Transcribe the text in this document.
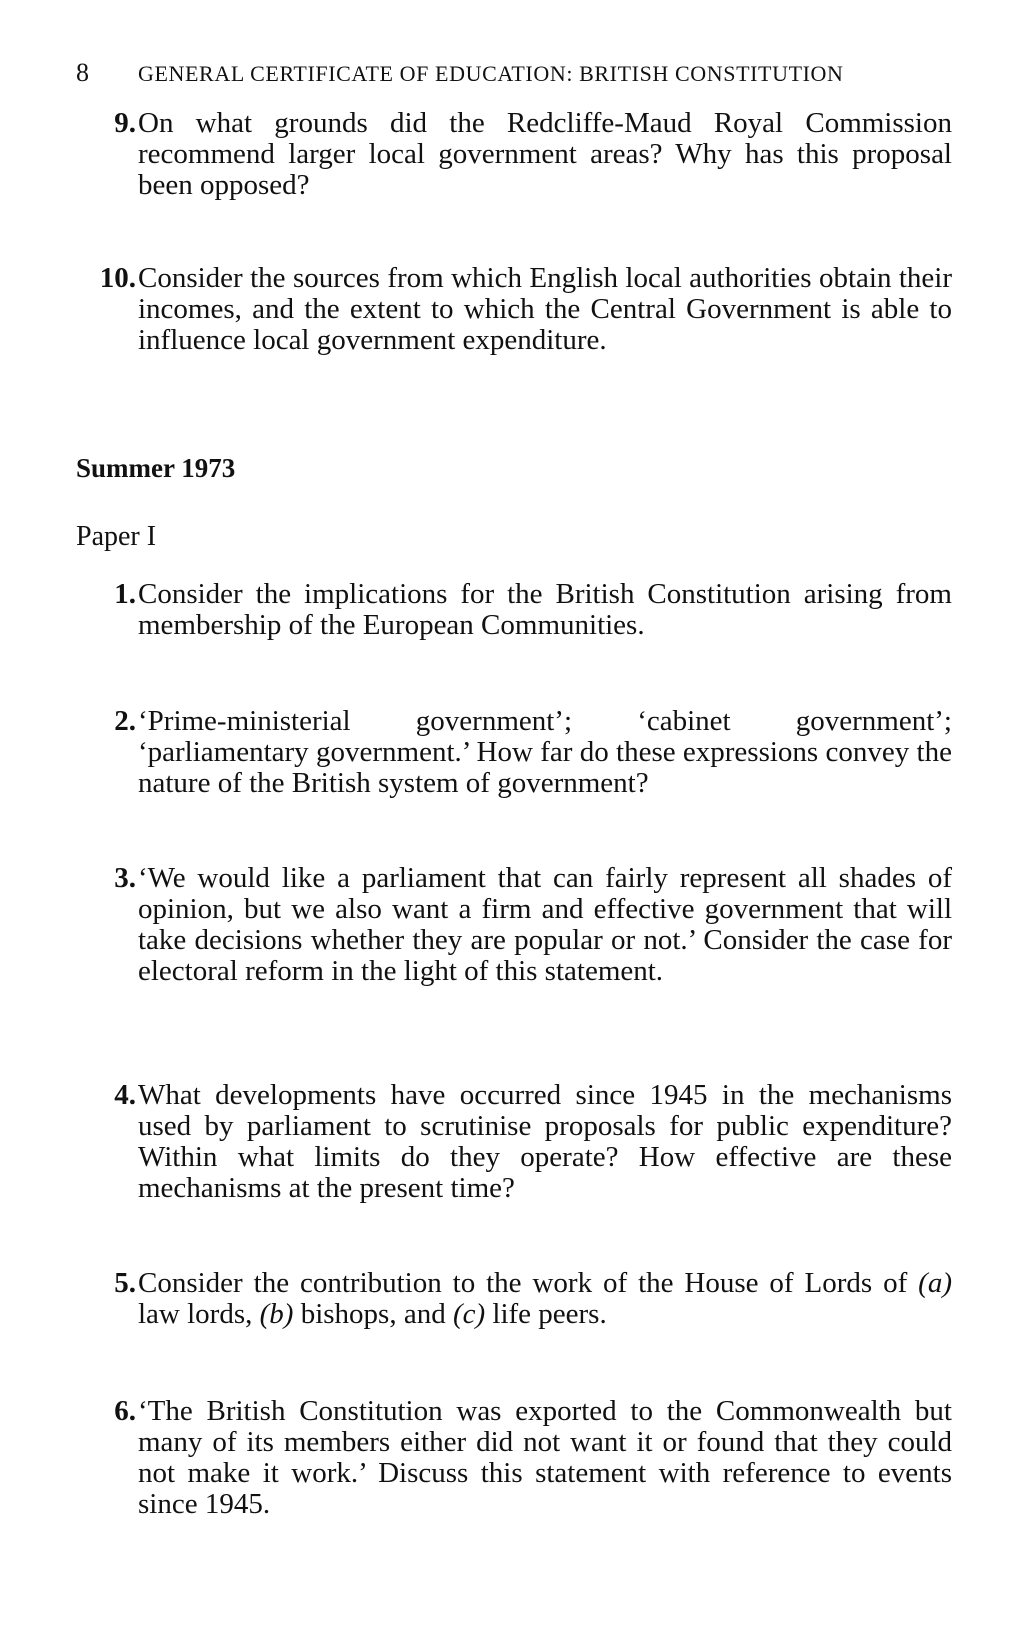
8 GENERAL CERTIFICATE OF EDUCATION: BRITISH CONSTITUTION
9. On what grounds did the Redcliffe-Maud Royal Commission recommend larger local government areas? Why has this proposal been opposed?
10. Consider the sources from which English local authorities obtain their incomes, and the extent to which the Central Government is able to influence local government expenditure.
Summer 1973
Paper I
1. Consider the implications for the British Constitution arising from membership of the European Communities.
2. ‘Prime-ministerial government’; ‘cabinet government’; ‘parliamentary government.’ How far do these expressions convey the nature of the British system of government?
3. ‘We would like a parliament that can fairly represent all shades of opinion, but we also want a firm and effective government that will take decisions whether they are popular or not.’ Consider the case for electoral reform in the light of this statement.
4. What developments have occurred since 1945 in the mechanisms used by parliament to scrutinise proposals for public expenditure? Within what limits do they operate? How effective are these mechanisms at the present time?
5. Consider the contribution to the work of the House of Lords of (a) law lords, (b) bishops, and (c) life peers.
6. ‘The British Constitution was exported to the Commonwealth but many of its members either did not want it or found that they could not make it work.’ Discuss this statement with reference to events since 1945.
